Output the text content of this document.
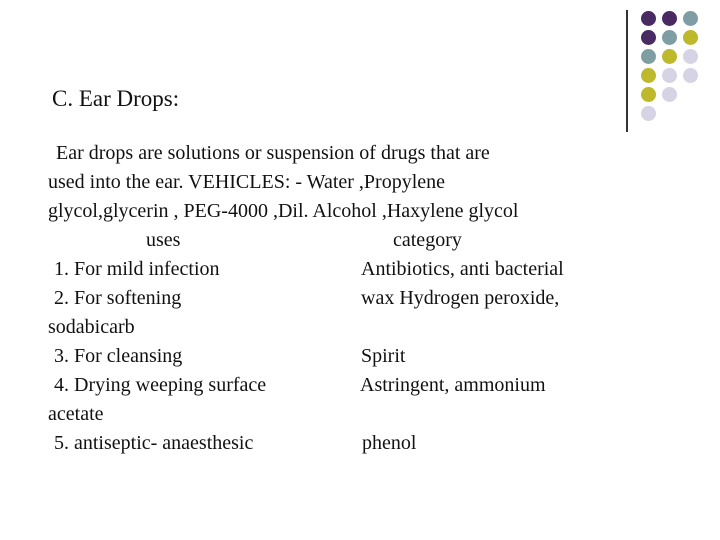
C. Ear Drops:
Ear drops are solutions or suspension of drugs that are
used into the ear. VEHICLES: - Water ,Propylene
glycol,glycerin , PEG-4000 ,Dil. Alcohol ,Haxylene glycol
uses	category
1. For mild infection	Antibiotics, anti bacterial
2. For softening	wax Hydrogen peroxide,
sodabicarb
3. For cleansing	Spirit
4. Drying weeping surface	Astringent, ammonium
acetate
5. antiseptic- anaesthesic	phenol
